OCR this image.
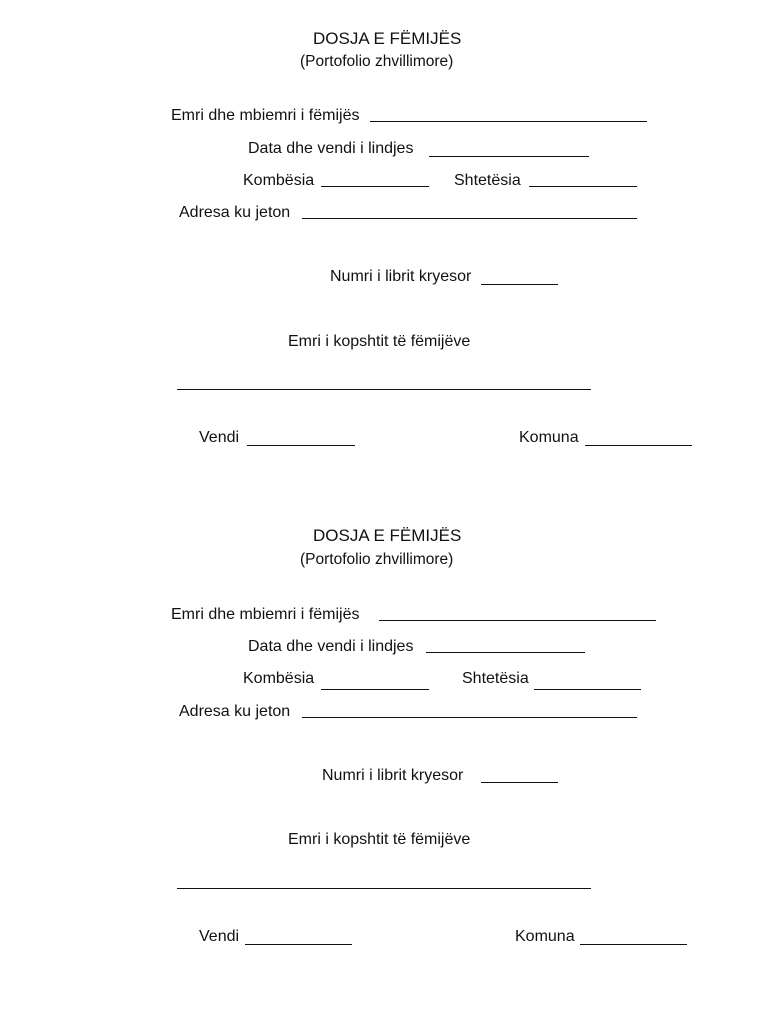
DOSJA E FËMIJËS
(Portofolio zhvillimore)
Emri dhe mbiemri i fëmijës
Data dhe vendi i lindjes
Kombësia	Shtetësia
Adresa ku jeton
Numri i librit kryesor
Emri i kopshtit të fëmijëve
Vendi	Komuna
DOSJA E FËMIJËS
(Portofolio zhvillimore)
Emri dhe mbiemri i fëmijës
Data dhe vendi i lindjes
Kombësia	Shtetësia
Adresa ku jeton
Numri i librit kryesor
Emri i kopshtit të fëmijëve
Vendi	Komuna
